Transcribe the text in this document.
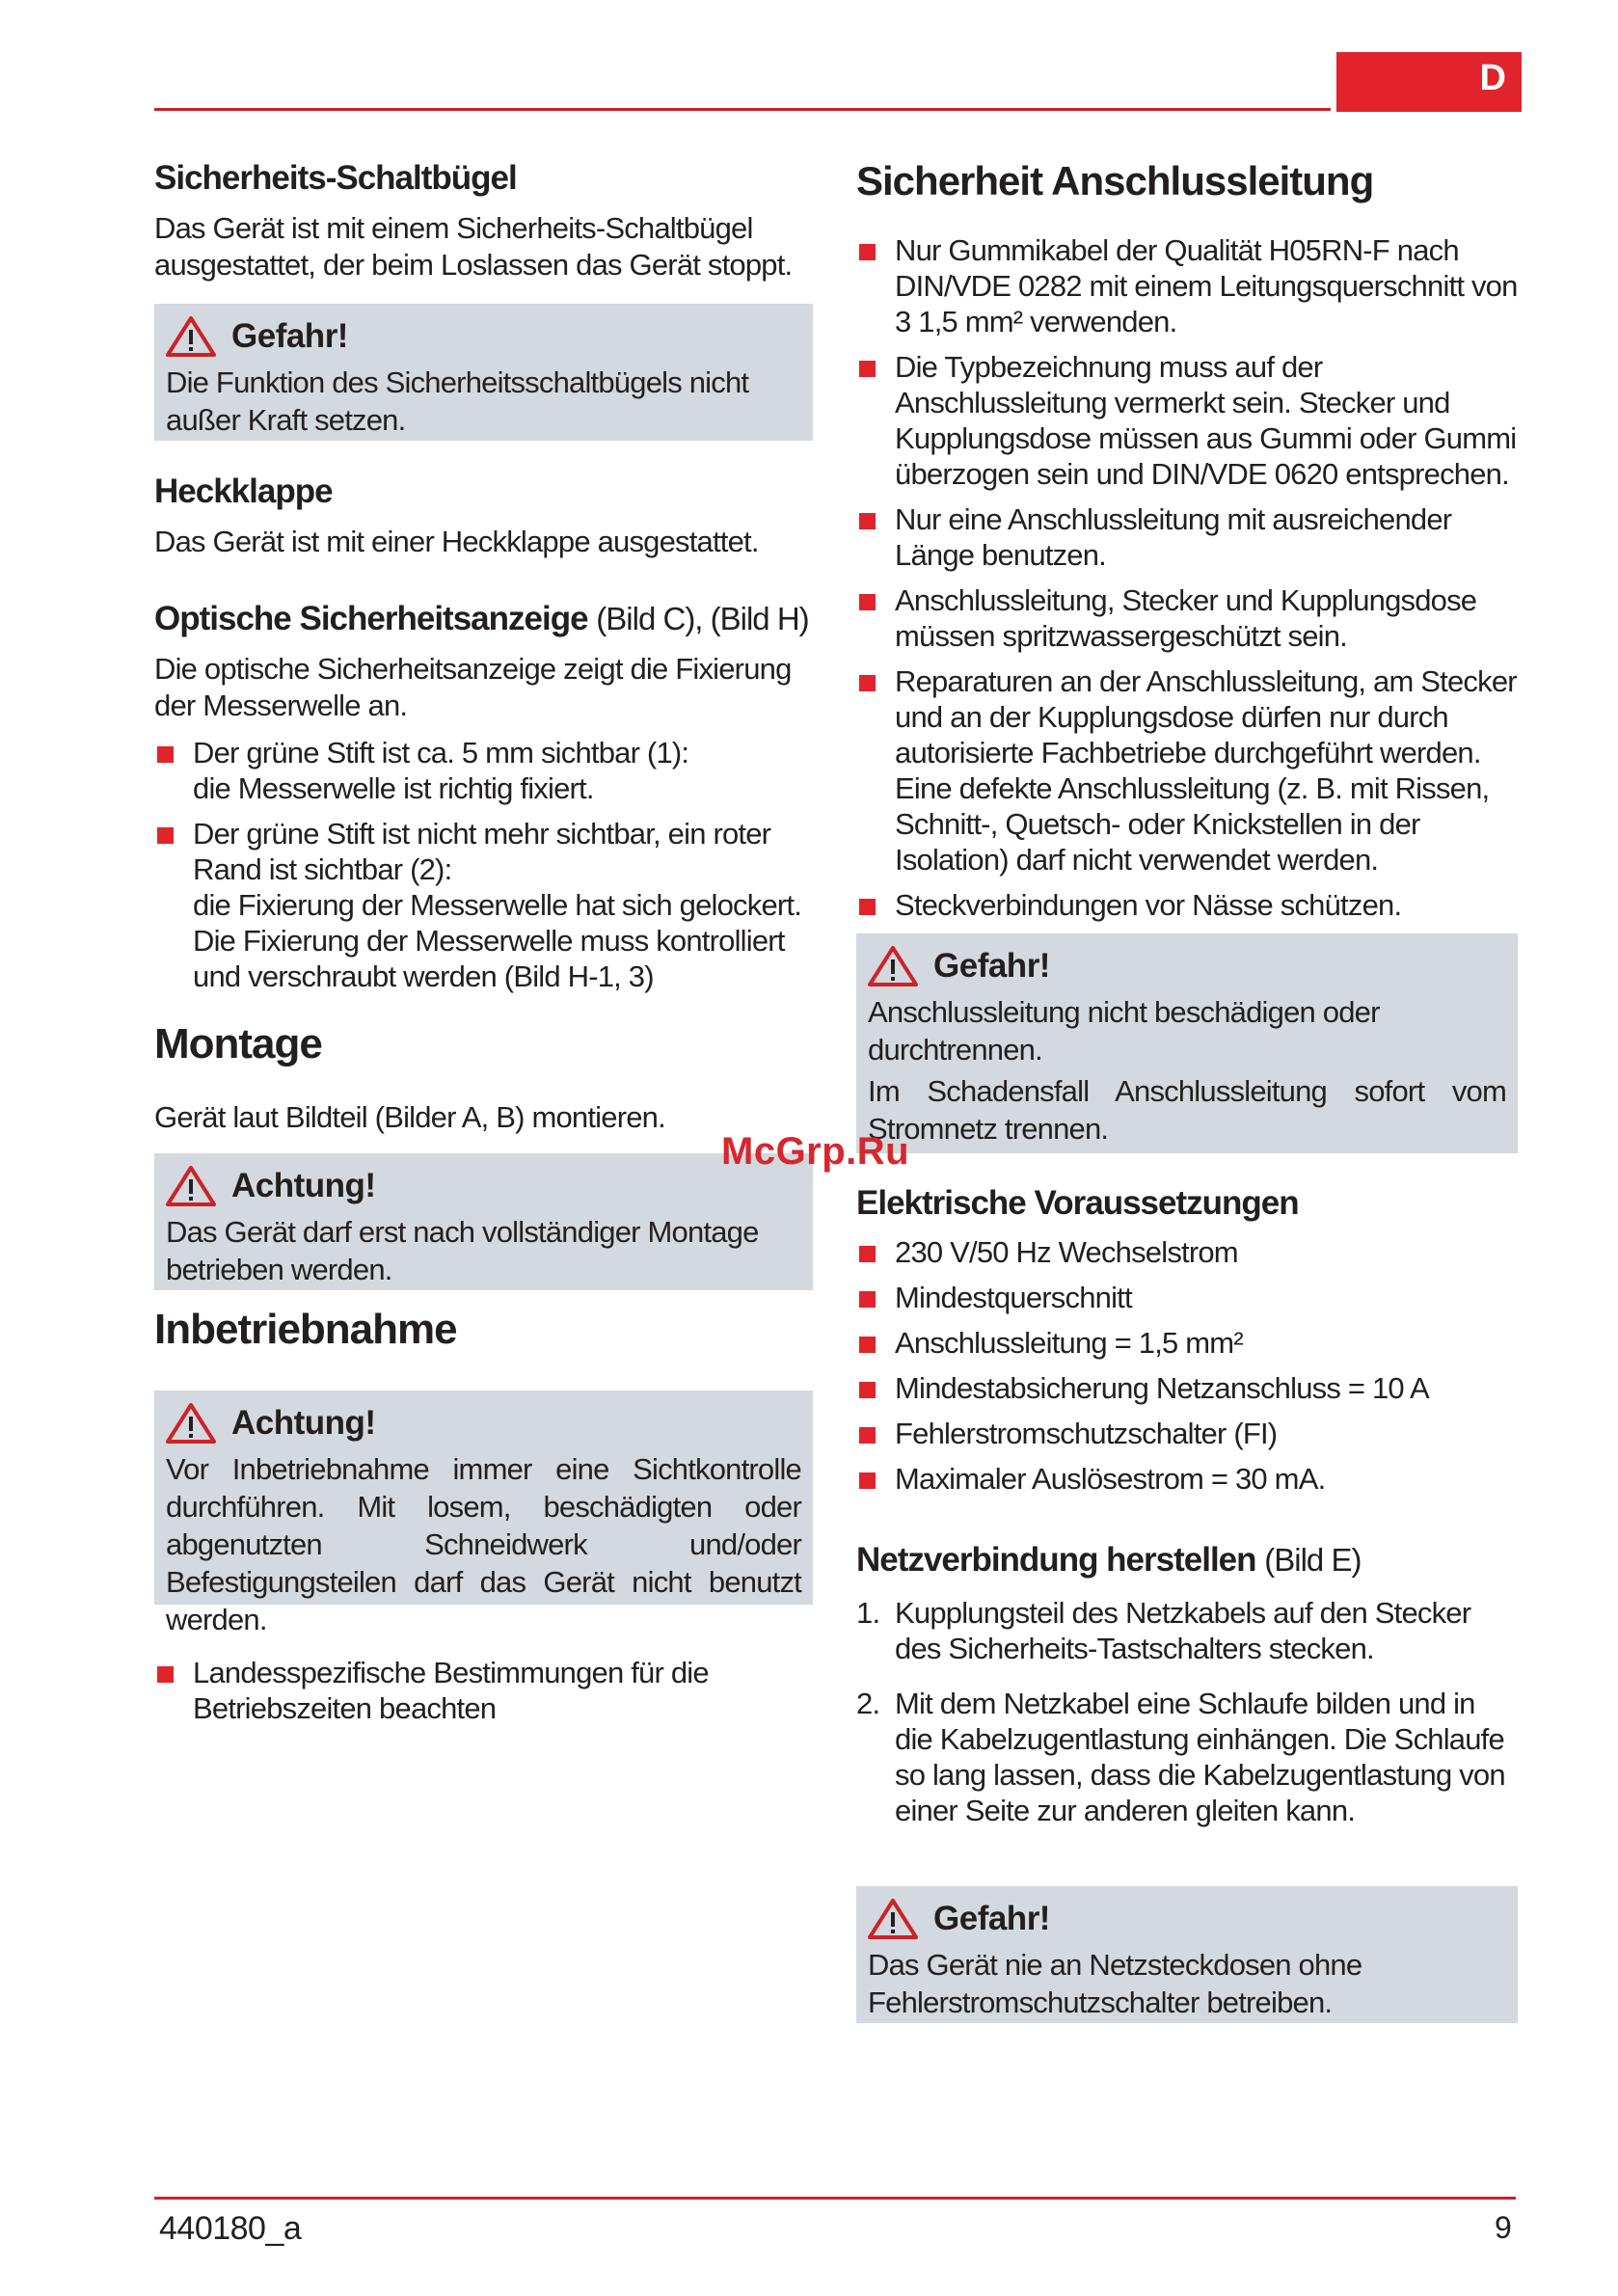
D
Sicherheits-Schaltbügel
Das Gerät ist mit einem Sicherheits-Schaltbügel ausgestattet, der beim Loslassen das Gerät stoppt.
Gefahr!
Die Funktion des Sicherheitsschaltbügels nicht außer Kraft setzen.
Heckklappe
Das Gerät ist mit einer Heckklappe ausgestattet.
Optische Sicherheitsanzeige (Bild C), (Bild H)
Die optische Sicherheitsanzeige zeigt die Fixierung der Messerwelle an.
Der grüne Stift ist ca. 5 mm sichtbar (1):
die Messerwelle ist richtig fixiert.
Der grüne Stift ist nicht mehr sichtbar, ein roter Rand ist sichtbar (2):
die Fixierung der Messerwelle hat sich gelockert. Die Fixierung der Messerwelle muss kontrolliert und verschraubt werden (Bild H-1, 3)
Montage
Gerät laut Bildteil (Bilder A, B) montieren.
Achtung!
Das Gerät darf erst nach vollständiger Montage betrieben werden.
Inbetriebnahme
Achtung!
Vor Inbetriebnahme immer eine Sichtkontrolle durchführen. Mit losem, beschädigten oder abgenutzten Schneidwerk und/oder Befestigungsteilen darf das Gerät nicht benutzt werden.
Landesspezifische Bestimmungen für die Betriebszeiten beachten
Sicherheit Anschlussleitung
Nur Gummikabel der Qualität H05RN-F nach DIN/VDE 0282 mit einem Leitungsquerschnitt von 3 1,5 mm² verwenden.
Die Typbezeichnung muss auf der Anschlussleitung vermerkt sein. Stecker und Kupplungsdose müssen aus Gummi oder Gummi überzogen sein und DIN/VDE 0620 entsprechen.
Nur eine Anschlussleitung mit ausreichender Länge benutzen.
Anschlussleitung, Stecker und Kupplungsdose müssen spritzwassergeschützt sein.
Reparaturen an der Anschlussleitung, am Stecker und an der Kupplungsdose dürfen nur durch autorisierte Fachbetriebe durchgeführt werden. Eine defekte Anschlussleitung (z. B. mit Rissen, Schnitt-, Quetsch- oder Knickstellen in der Isolation) darf nicht verwendet werden.
Steckverbindungen vor Nässe schützen.
Gefahr!
Anschlussleitung nicht beschädigen oder durchtrennen.
Im Schadensfall Anschlussleitung sofort vom Stromnetz trennen.
Elektrische Voraussetzungen
230 V/50 Hz Wechselstrom
Mindestquerschnitt
Anschlussleitung = 1,5 mm²
Mindestabsicherung Netzanschluss = 10 A
Fehlerstromschutzschalter (FI)
Maximaler Auslösestrom = 30 mA.
Netzverbindung herstellen (Bild E)
1. Kupplungsteil des Netzkabels auf den Stecker des Sicherheits-Tastschalters stecken.
2. Mit dem Netzkabel eine Schlaufe bilden und in die Kabelzugentlastung einhängen. Die Schlaufe so lang lassen, dass die Kabelzugentlastung von einer Seite zur anderen gleiten kann.
Gefahr!
Das Gerät nie an Netzsteckdosen ohne Fehlerstromschutzschalter betreiben.
McGrp.Ru
440180_a	9
